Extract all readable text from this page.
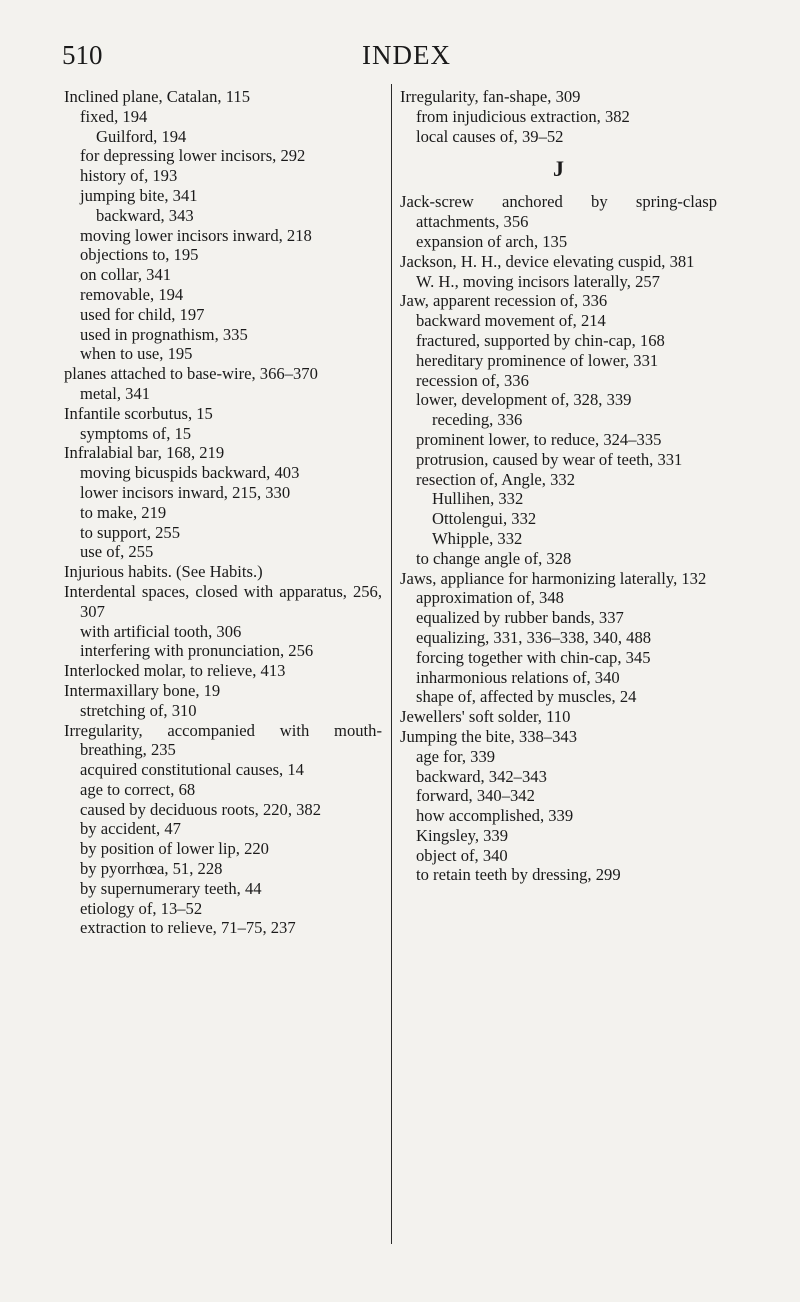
510	INDEX

Inclined plane, Catalan, 115

fixed, 194

Guilford, 194

for depressing lower incisors, 292

history of, 193

jumping bite, 341

backward, 343

moving lower incisors inward, 218

objections to, 195

on collar, 341

removable, 194

used for child, 197

used in prognathism, 335

when to use, 195

planes attached to base-wire, 366–370

metal, 341

Infantile scorbutus, 15

symptoms of, 15

Infralabial bar, 168, 219

moving bicuspids backward, 403

lower incisors inward, 215, 330

to make, 219

to support, 255

use of, 255

Injurious habits. (See Habits.)

Interdental spaces, closed with apparatus, 256, 307

with artificial tooth, 306

interfering with pronunciation, 256

Interlocked molar, to relieve, 413

Intermaxillary bone, 19

stretching of, 310

Irregularity, accompanied with mouth-breathing, 235

acquired constitutional causes, 14

age to correct, 68

caused by deciduous roots, 220, 382

by accident, 47

by position of lower lip, 220

by pyorrhœa, 51, 228

by supernumerary teeth, 44

etiology of, 13–52

extraction to relieve, 71–75, 237

Irregularity, fan-shape, 309

from injudicious extraction, 382

local causes of, 39–52

J

Jack-screw anchored by spring-clasp attachments, 356

expansion of arch, 135

Jackson, H. H., device elevating cuspid, 381

W. H., moving incisors laterally, 257

Jaw, apparent recession of, 336

backward movement of, 214

fractured, supported by chin-cap, 168

hereditary prominence of lower, 331

recession of, 336

lower, development of, 328, 339

receding, 336

prominent lower, to reduce, 324–335

protrusion, caused by wear of teeth, 331

resection of, Angle, 332

Hullihen, 332

Ottolengui, 332

Whipple, 332

to change angle of, 328

Jaws, appliance for harmonizing laterally, 132

approximation of, 348

equalized by rubber bands, 337

equalizing, 331, 336–338, 340, 488

forcing together with chin-cap, 345

inharmonious relations of, 340

shape of, affected by muscles, 24

Jewellers' soft solder, 110

Jumping the bite, 338–343

age for, 339

backward, 342–343

forward, 340–342

how accomplished, 339

Kingsley, 339

object of, 340

to retain teeth by dressing, 299
